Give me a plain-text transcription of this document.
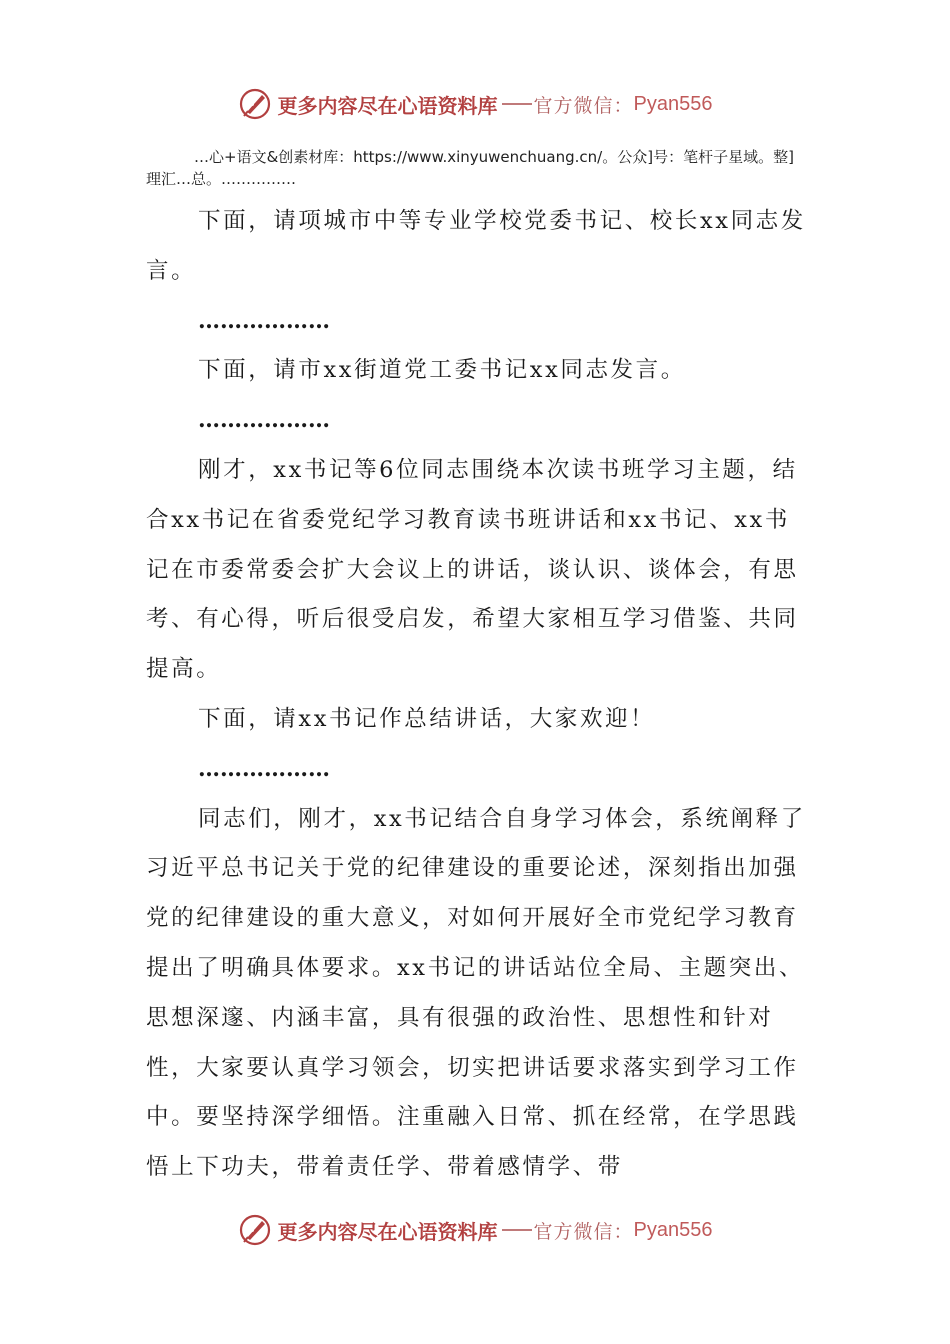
更多内容尽在心语资料库 官方微信： Pyan556
…心+语文&创素材库：https://www.xinyuwenchuang.cn/。公众]号：笔杆子星域。整]理汇…总。……………

下面，请项城市中等专业学校党委书记、校长xx同志发言。

………………

下面，请市xx街道党工委书记xx同志发言。

………………

刚才，xx书记等6位同志围绕本次读书班学习主题，结合xx书记在省委党纪学习教育读书班讲话和xx书记、xx书记在市委常委会扩大会议上的讲话，谈认识、谈体会，有思考、有心得，听后很受启发，希望大家相互学习借鉴、共同提高。

下面，请xx书记作总结讲话，大家欢迎！

………………

同志们，刚才，xx书记结合自身学习体会，系统阐释了习近平总书记关于党的纪律建设的重要论述，深刻指出加强党的纪律建设的重大意义，对如何开展好全市党纪学习教育提出了明确具体要求。xx书记的讲话站位全局、主题突出、思想深邃、内涵丰富，具有很强的政治性、思想性和针对性，大家要认真学习领会，切实把讲话要求落实到学习工作中。要坚持深学细悟。注重融入日常、抓在经常，在学思践悟上下功夫，带着责任学、带着感情学、带

更多内容尽在心语资料库 官方微信： Pyan556
